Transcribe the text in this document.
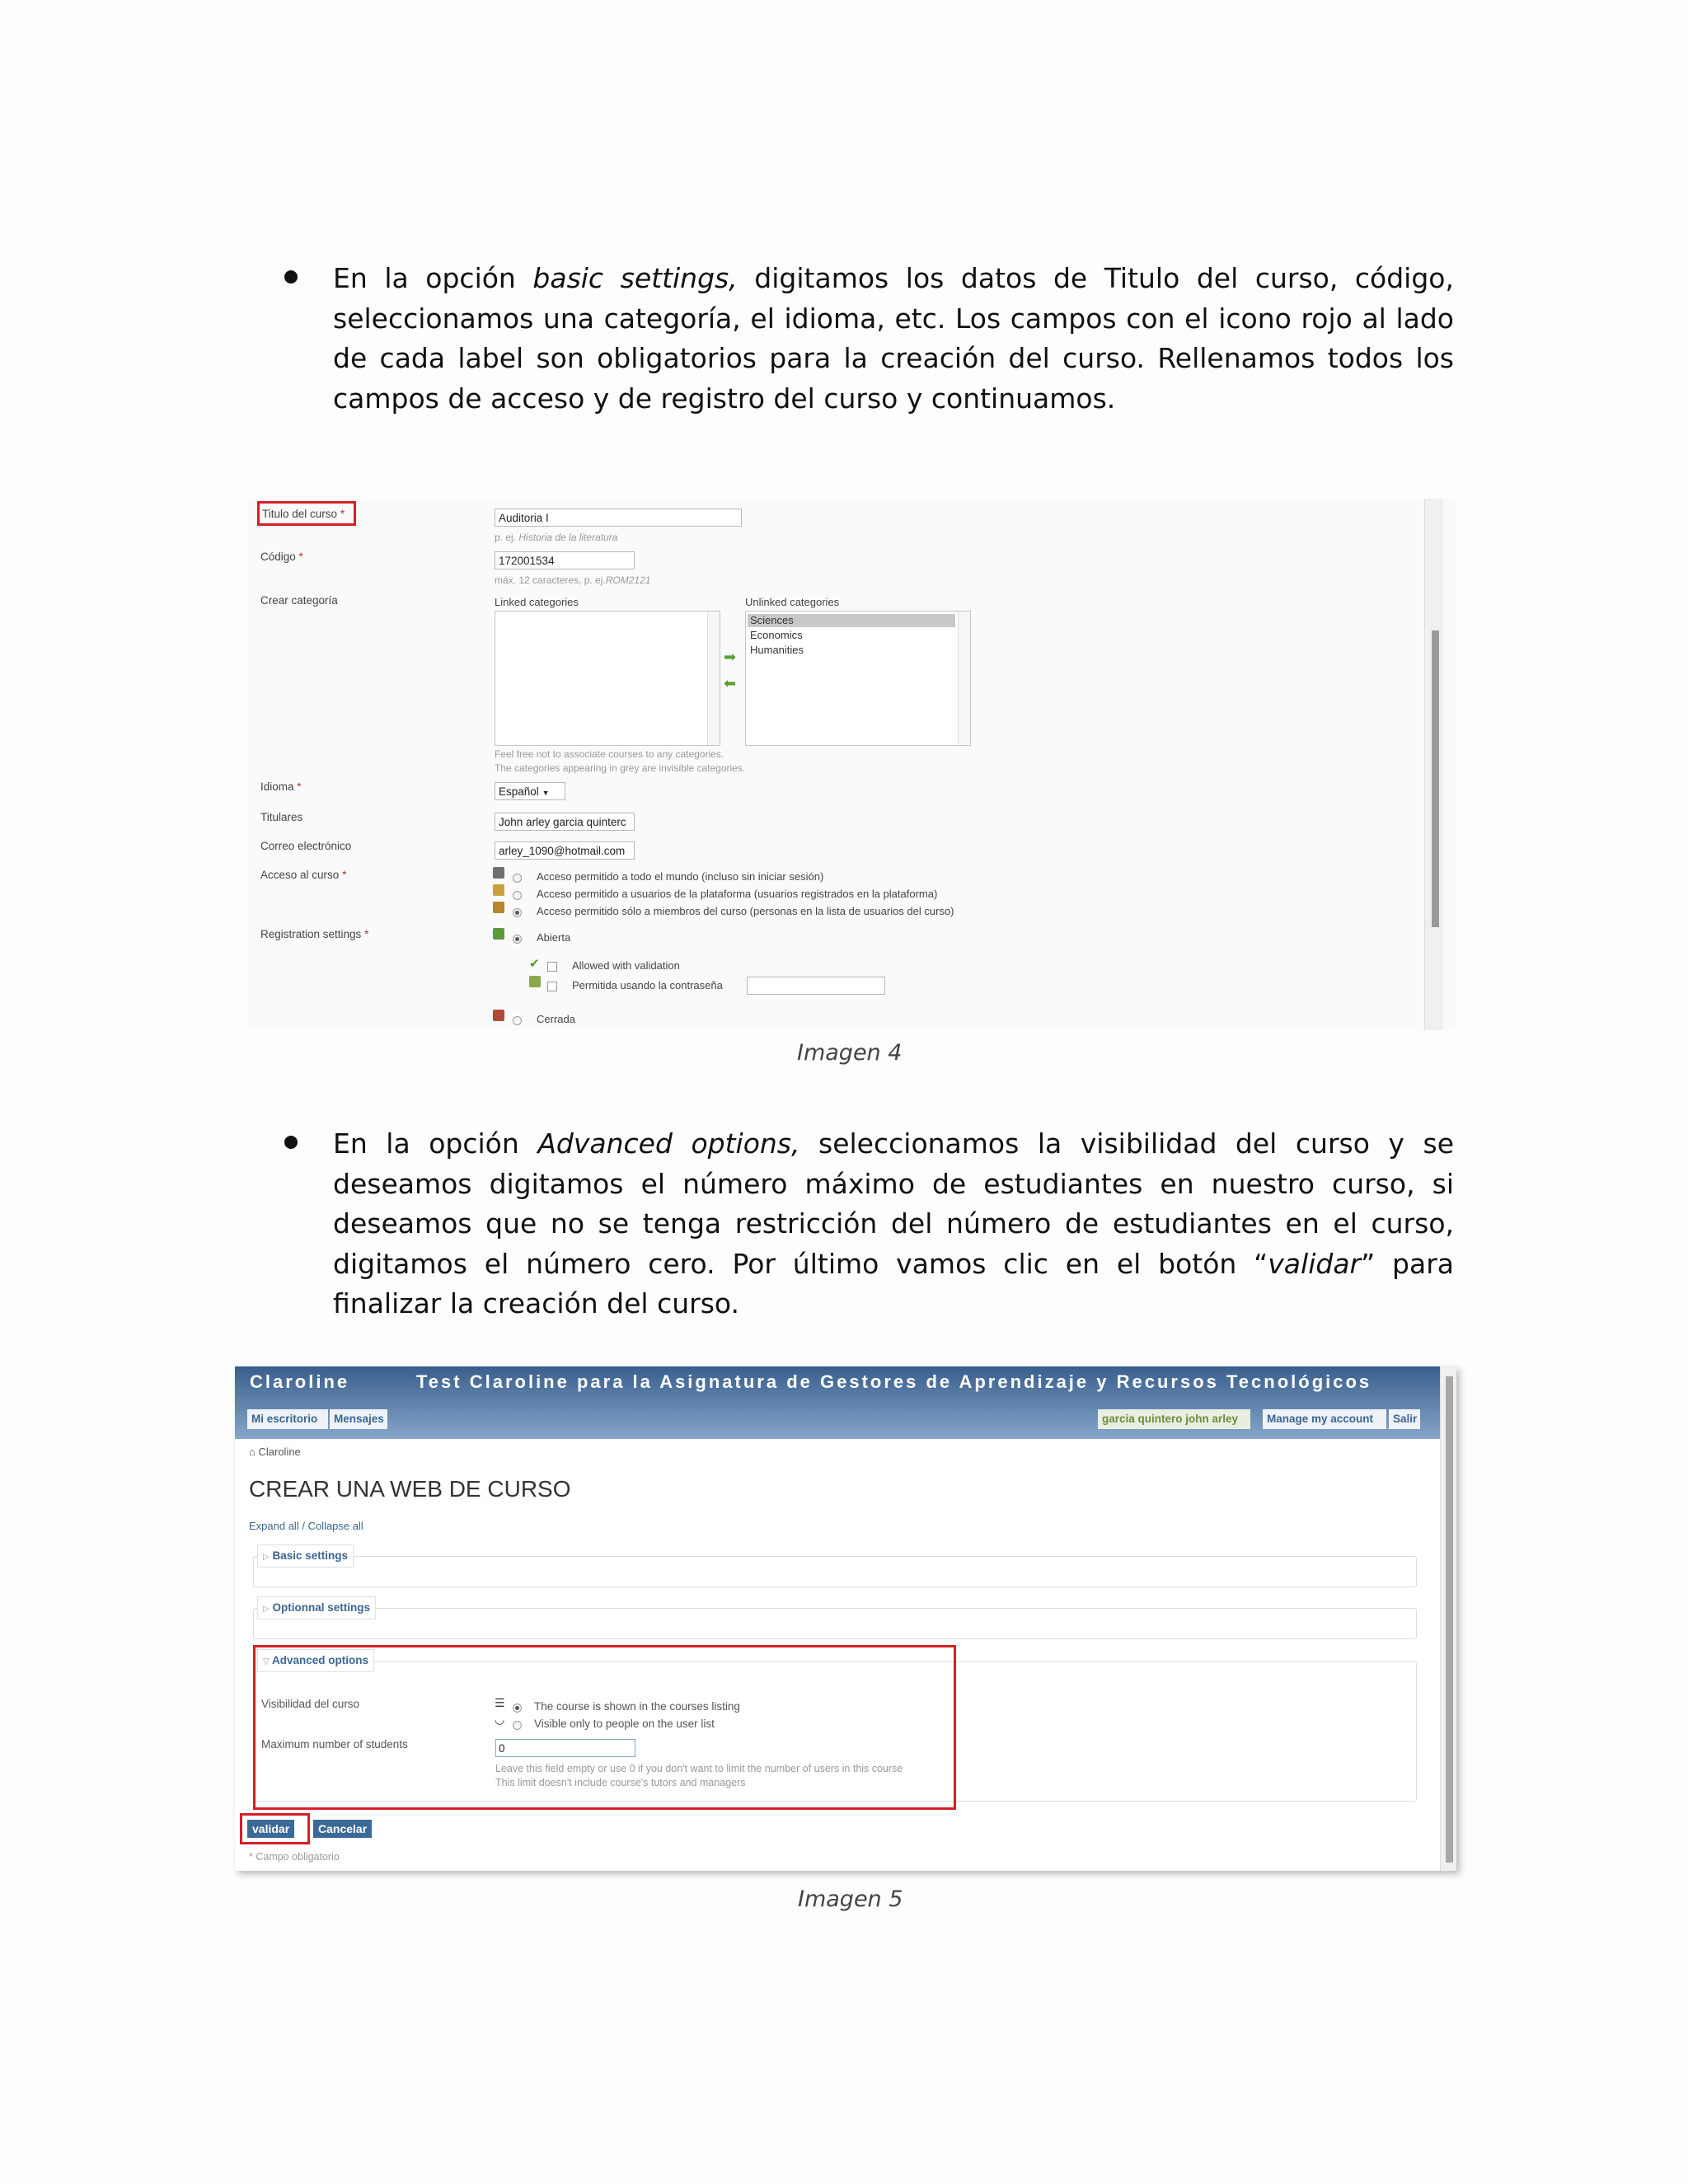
En la opción basic settings, digitamos los datos de Titulo del curso, código, seleccionamos una categoría, el idioma, etc. Los campos con el icono rojo al lado de cada label son obligatorios para la creación del curso. Rellenamos todos los campos de acceso y de registro del curso y continuamos.
Titulo del curso *	Auditoria I
p. ej. Historia de la literatura
Código *	172001534
máx. 12 caracteres, p. ej.ROM2121
Crear categoría	Linked categories
➡
⬅
Unlinked categories
Sciences
Economics
Humanities
Feel free not to associate courses to any categories.
The categories appearing in grey are invisible categories.
Idioma *	Español ▼
Titulares	John arley garcia quinterc
Correo electrónico	arley_1090@hotmail.com
Acceso al curso *	Acceso permitido a todo el mundo (incluso sin iniciar sesión)
Acceso permitido a usuarios de la plataforma (usuarios registrados en la plataforma)
Acceso permitido sólo a miembros del curso (personas en la lista de usuarios del curso)
Registration settings *	Abierta
✔	Allowed with validation
Permitida usando la contraseña
Cerrada
Imagen 4
En la opción Advanced options, seleccionamos la visibilidad del curso y se deseamos digitamos el número máximo de estudiantes en nuestro curso, si deseamos que no se tenga restricción del número de estudiantes en el curso, digitamos el número cero. Por último vamos clic en el botón “validar” para finalizar la creación del curso.
Claroline	Test Claroline para la Asignatura de Gestores de Aprendizaje y Recursos Tecnológicos
Mi escritorio	Mensajes	garcia quintero john arley	Manage my account	Salir
⌂ Claroline
CREAR UNA WEB DE CURSO
Expand all / Collapse all
▷ Basic settings
▷ Optionnal settings
▽ Advanced options
Visibilidad del curso	☰	The course is shown in the courses listing
◡	Visible only to people on the user list
Maximum number of students	0
Leave this field empty or use 0 if you don't want to limit the number of users in this course
This limit doesn't include course's tutors and managers
validar	Cancelar
* Campo obligatorio
Imagen 5
